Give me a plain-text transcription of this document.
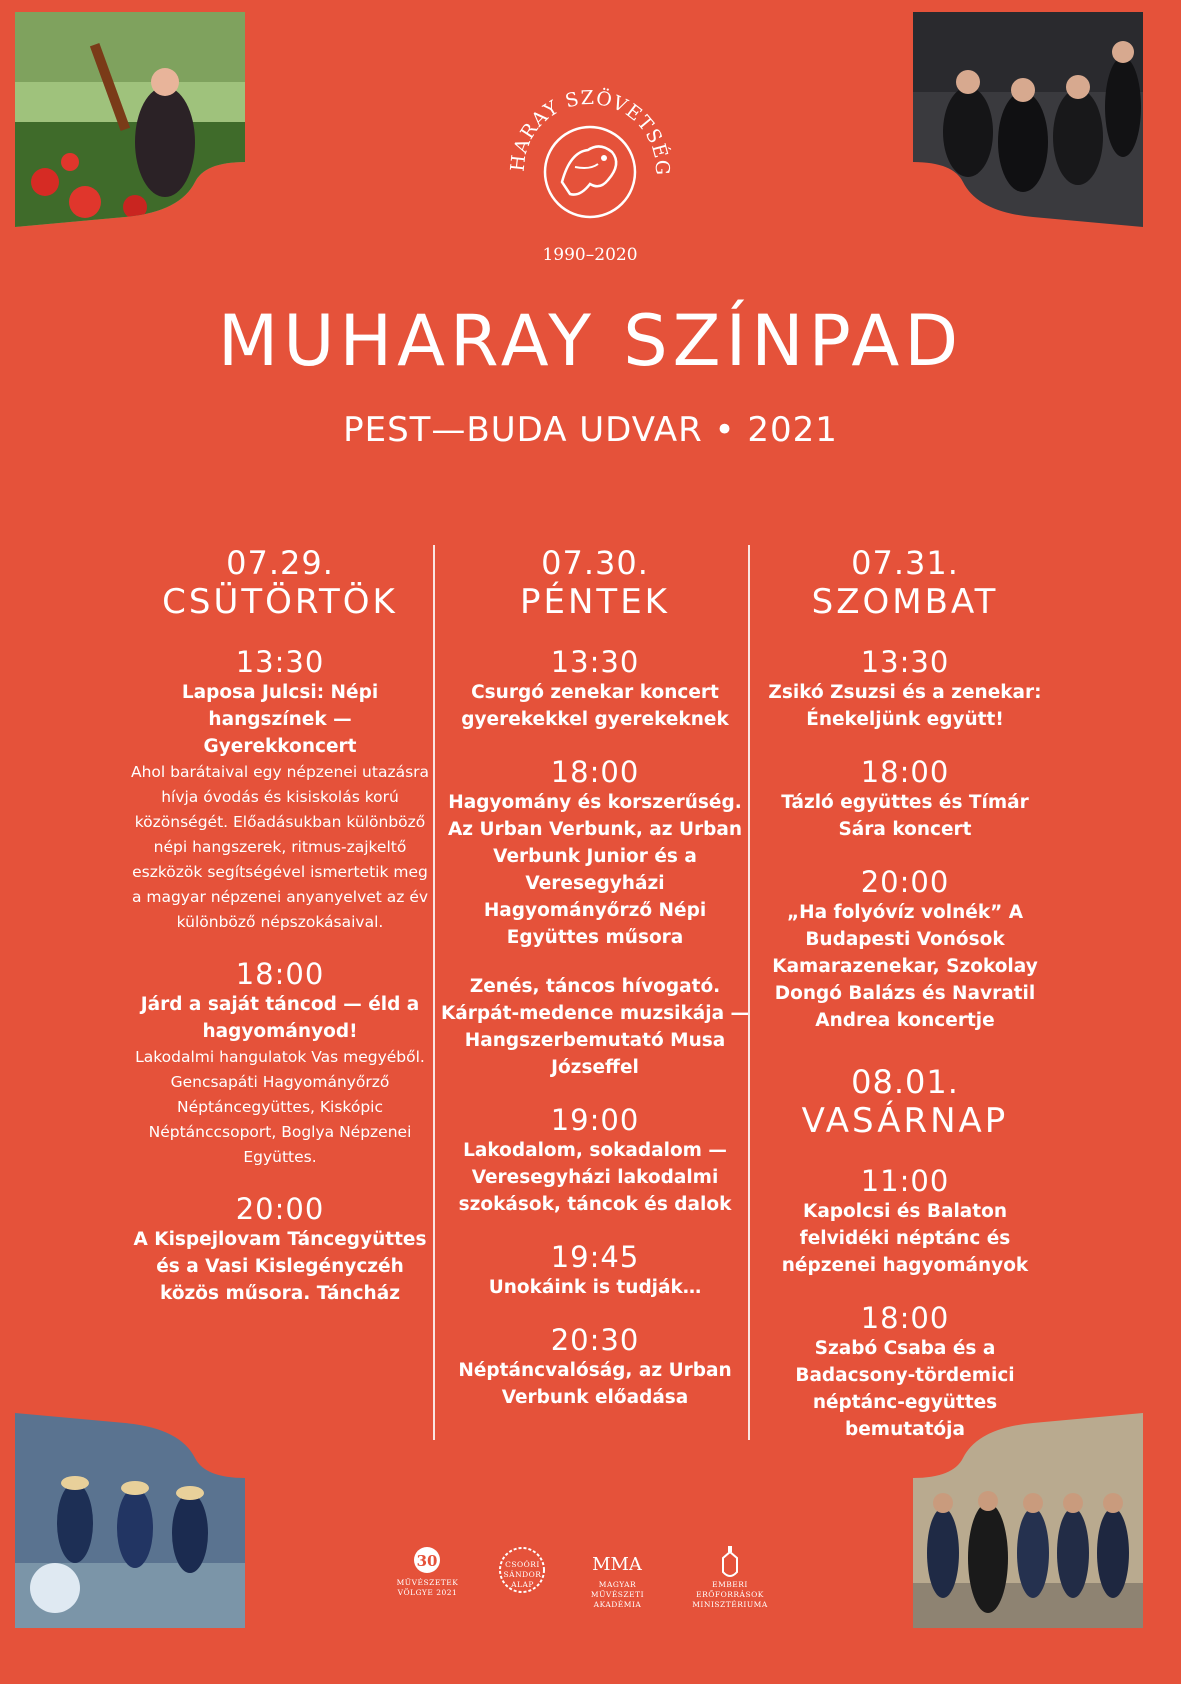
HARAY SZÖVETSÉG
1990–2020
MUHARAY SZÍNPAD
PEST—BUDA UDVAR • 2021
07.29.
CSÜTÖRTÖK
13:30
Laposa Julcsi: Népi hangszínek — Gyerekkoncert
Ahol barátaival egy népzenei utazásra hívja óvodás és kisiskolás korú közönségét. Előadásukban különböző népi hangszerek, ritmus-zajkeltő eszközök segítségével ismertetik meg a magyar népzenei anyanyelvet az év különböző népszokásaival.
18:00
Járd a saját táncod — éld a hagyományod!
Lakodalmi hangulatok Vas megyéből. Gencsapáti Hagyományőrző Néptáncegyüttes, Kiskópic Néptánccsoport, Boglya Népzenei Együttes.
20:00
A Kispejlovam Táncegyüttes és a Vasi Kislegényczéh közös műsora. Táncház
07.30.
PÉNTEK
13:30
Csurgó zenekar koncert gyerekekkel gyerekeknek
18:00
Hagyomány és korszerűség. Az Urban Verbunk, az Urban Verbunk Junior és a Veresegyházi Hagyományőrző Népi Együttes műsora
Zenés, táncos hívogató. Kárpát-medence muzsikája — Hangszerbemutató Musa Józseffel
19:00
Lakodalom, sokadalom — Veresegyházi lakodalmi szokások, táncok és dalok
19:45
Unokáink is tudják…
20:30
Néptáncvalóság, az Urban Verbunk előadása
07.31.
SZOMBAT
13:30
Zsikó Zsuzsi és a zenekar: Énekeljünk együtt!
18:00
Tázló együttes és Tímár Sára koncert
20:00
„Ha folyóvíz volnék” A Budapesti Vonósok Kamarazenekar, Szokolay Dongó Balázs és Navratil Andrea koncertje
08.01.
VASÁRNAP
11:00
Kapolcsi és Balaton felvidéki néptánc és népzenei hagyományok
18:00
Szabó Csaba és a Badacsony-tördemici néptánc-együttes bemutatója
30
MŰVÉSZETEK VÖLGYE 2021
CSOÓRI SÁNDOR ALAP
MMA
MAGYAR MŰVÉSZETI AKADÉMIA
EMBERI ERŐFORRÁSOK MINISZTÉRIUMA
